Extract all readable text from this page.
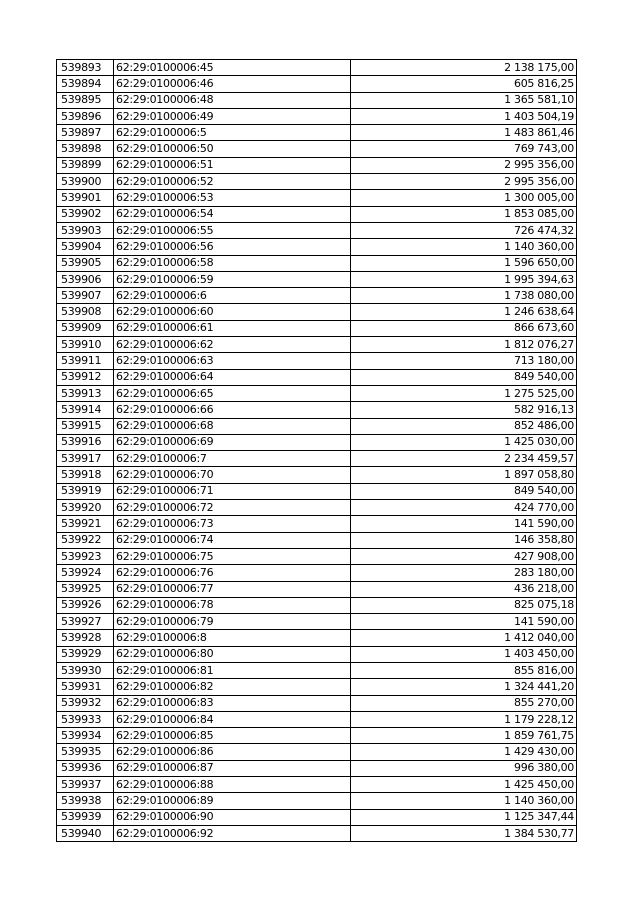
539893	62:29:0100006:45	2 138 175,00
539894	62:29:0100006:46	605 816,25
539895	62:29:0100006:48	1 365 581,10
539896	62:29:0100006:49	1 403 504,19
539897	62:29:0100006:5	1 483 861,46
539898	62:29:0100006:50	769 743,00
539899	62:29:0100006:51	2 995 356,00
539900	62:29:0100006:52	2 995 356,00
539901	62:29:0100006:53	1 300 005,00
539902	62:29:0100006:54	1 853 085,00
539903	62:29:0100006:55	726 474,32
539904	62:29:0100006:56	1 140 360,00
539905	62:29:0100006:58	1 596 650,00
539906	62:29:0100006:59	1 995 394,63
539907	62:29:0100006:6	1 738 080,00
539908	62:29:0100006:60	1 246 638,64
539909	62:29:0100006:61	866 673,60
539910	62:29:0100006:62	1 812 076,27
539911	62:29:0100006:63	713 180,00
539912	62:29:0100006:64	849 540,00
539913	62:29:0100006:65	1 275 525,00
539914	62:29:0100006:66	582 916,13
539915	62:29:0100006:68	852 486,00
539916	62:29:0100006:69	1 425 030,00
539917	62:29:0100006:7	2 234 459,57
539918	62:29:0100006:70	1 897 058,80
539919	62:29:0100006:71	849 540,00
539920	62:29:0100006:72	424 770,00
539921	62:29:0100006:73	141 590,00
539922	62:29:0100006:74	146 358,80
539923	62:29:0100006:75	427 908,00
539924	62:29:0100006:76	283 180,00
539925	62:29:0100006:77	436 218,00
539926	62:29:0100006:78	825 075,18
539927	62:29:0100006:79	141 590,00
539928	62:29:0100006:8	1 412 040,00
539929	62:29:0100006:80	1 403 450,00
539930	62:29:0100006:81	855 816,00
539931	62:29:0100006:82	1 324 441,20
539932	62:29:0100006:83	855 270,00
539933	62:29:0100006:84	1 179 228,12
539934	62:29:0100006:85	1 859 761,75
539935	62:29:0100006:86	1 429 430,00
539936	62:29:0100006:87	996 380,00
539937	62:29:0100006:88	1 425 450,00
539938	62:29:0100006:89	1 140 360,00
539939	62:29:0100006:90	1 125 347,44
539940	62:29:0100006:92	1 384 530,77
